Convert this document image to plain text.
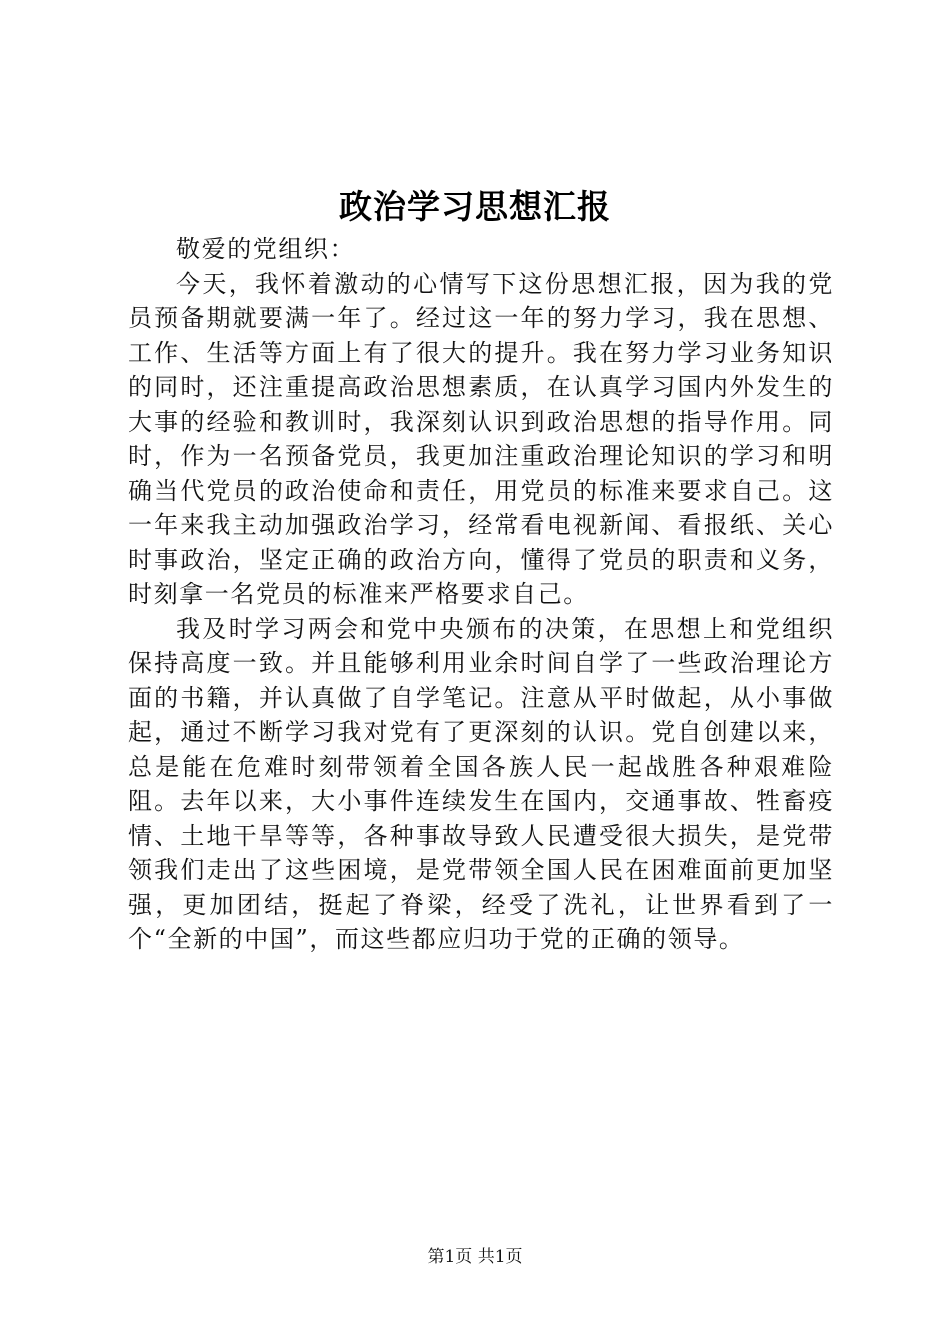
政治学习思想汇报

敬爱的党组织：

今天，我怀着激动的心情写下这份思想汇报，因为我的党员预备期就要满一年了。经过这一年的努力学习，我在思想、工作、生活等方面上有了很大的提升。我在努力学习业务知识的同时，还注重提高政治思想素质，在认真学习国内外发生的大事的经验和教训时，我深刻认识到政治思想的指导作用。同时，作为一名预备党员，我更加注重政治理论知识的学习和明确当代党员的政治使命和责任，用党员的标准来要求自己。这一年来我主动加强政治学习，经常看电视新闻、看报纸、关心时事政治，坚定正确的政治方向，懂得了党员的职责和义务，时刻拿一名党员的标准来严格要求自己。

我及时学习两会和党中央颁布的决策，在思想上和党组织保持高度一致。并且能够利用业余时间自学了一些政治理论方面的书籍，并认真做了自学笔记。注意从平时做起，从小事做起，通过不断学习我对党有了更深刻的认识。党自创建以来，总是能在危难时刻带领着全国各族人民一起战胜各种艰难险阻。去年以来，大小事件连续发生在国内，交通事故、牲畜疫情、土地干旱等等，各种事故导致人民遭受很大损失，是党带领我们走出了这些困境，是党带领全国人民在困难面前更加坚强，更加团结，挺起了脊梁，经受了洗礼，让世界看到了一个“全新的中国”，而这些都应归功于党的正确的领导。

第1页 共1页
